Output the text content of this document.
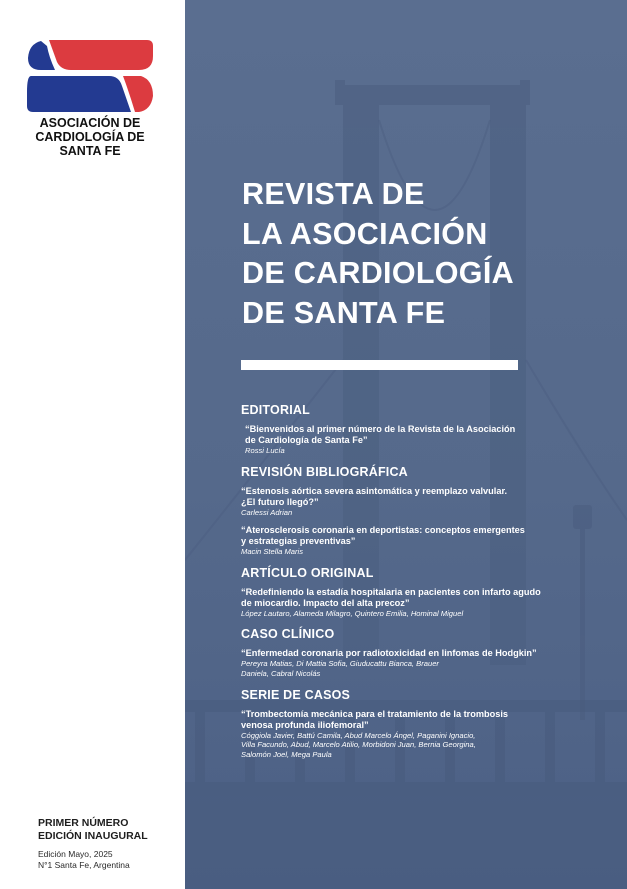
ASOCIACIÓN DE
CARDIOLOGÍA DE
SANTA FE
PRIMER NÚMERO
EDICIÓN INAUGURAL
Edición Mayo, 2025
N°1 Santa Fe, Argentina
REVISTA DE
LA ASOCIACIÓN
DE CARDIOLOGÍA
DE SANTA FE
EDITORIAL
“Bienvenidos al primer número de la Revista de la Asociación
de Cardiología de Santa Fe”
Rossi Lucía
REVISIÓN BIBLIOGRÁFICA
“Estenosis aórtica severa asintomática y reemplazo valvular.
¿El futuro llegó?”
Carlessi Adrian
“Aterosclerosis coronaria en deportistas: conceptos emergentes
y estrategias preventivas”
Macin Stella Maris
ARTÍCULO ORIGINAL
“Redefiniendo la estadía hospitalaria en pacientes con infarto agudo
de miocardio. Impacto del alta precoz”
López Lautaro, Alameda Milagro, Quintero Emilia, Hominal Miguel
CASO CLÍNICO
“Enfermedad coronaria por radiotoxicidad en linfomas de Hodgkin”
Pereyra Matias, Di Mattia Sofia, Giuducattu Bianca, Brauer
Daniela, Cabral Nicolás
SERIE DE CASOS
“Trombectomía mecánica para el tratamiento de la trombosis
venosa profunda iliofemoral”
Cóggiola Javier, Battú Camila, Abud Marcelo Ángel, Paganini Ignacio,
Villa Facundo, Abud, Marcelo Atilio, Morbidoni Juan, Bernia Georgina,
Salomón Joel, Mega Paula
